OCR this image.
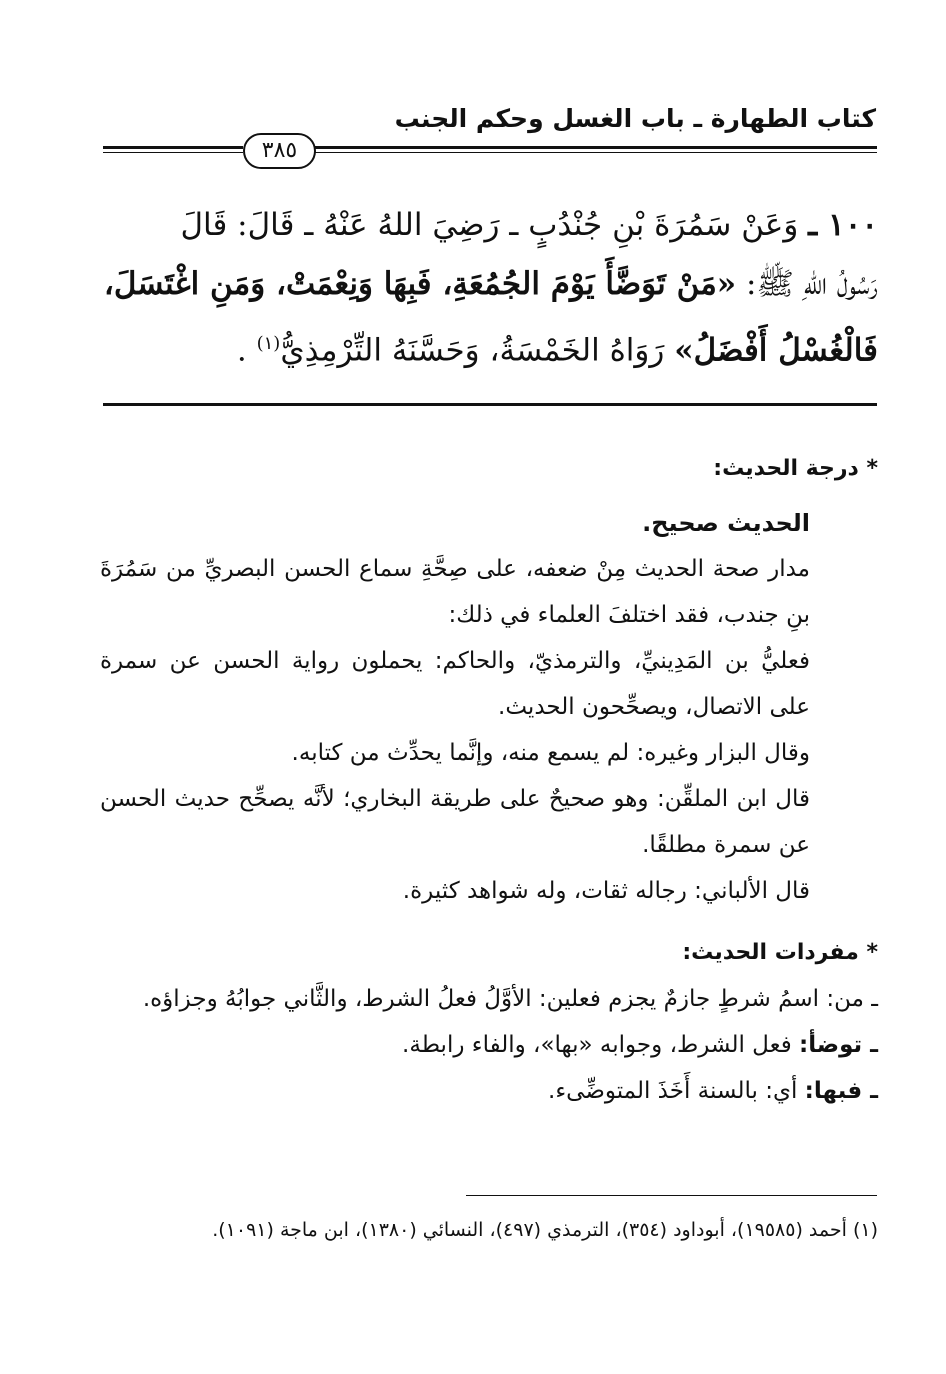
كتاب الطهارة ـ باب الغسل وحكم الجنب
٣٨٥
١٠٠ ـ وَعَنْ سَمُرَةَ بْنِ جُنْدُبٍ ـ رَضِيَ اللهُ عَنْهُ ـ قَالَ: قَالَ
رَسُولُ اللهِ ﷺ: «مَنْ تَوَضَّأَ يَوْمَ الجُمُعَةِ، فَبِهَا وَنِعْمَتْ، وَمَنِ اغْتَسَلَ،
فَالْغُسْلُ أَفْضَلُ» رَوَاهُ الخَمْسَةُ، وَحَسَّنَهُ التِّرْمِذِيُّ$^{(١)}$ .
* درجة الحديث:
الحديث صحيح.
مدار صحة الحديث مِنْ ضعفه، على صِحَّةِ سماع الحسن البصريِّ من سَمُرَةَ بنِ جندب، فقد اختلفَ العلماء في ذلك:
فعليُّ بن المَدِينيِّ، والترمذيّ، والحاكم: يحملون رواية الحسن عن سمرة على الاتصال، ويصحِّحون الحديث.
وقال البزار وغيره: لم يسمع منه، وإنَّما يحدِّث من كتابه.
قال ابن الملقِّن: وهو صحيحٌ على طريقة البخاري؛ لأنَّه يصحِّح حديث الحسن عن سمرة مطلقًا.
قال الألباني: رجاله ثقات، وله شواهد كثيرة.
* مفردات الحديث:
ـ من: اسمُ شرطٍ جازمٌ يجزم فعلين: الأوَّلُ فعلُ الشرط، والثَّاني جوابُهُ وجزاؤه.
ـ توضأ: فعل الشرط، وجوابه «بها»، والفاء رابطة.
ـ فبها: أي: بالسنة أَخَذَ المتوضِّىء.
(١) أحمد (١٩٥٨٥)، أبوداود (٣٥٤)، الترمذي (٤٩٧)، النسائي (١٣٨٠)، ابن ماجة (١٠٩١).
